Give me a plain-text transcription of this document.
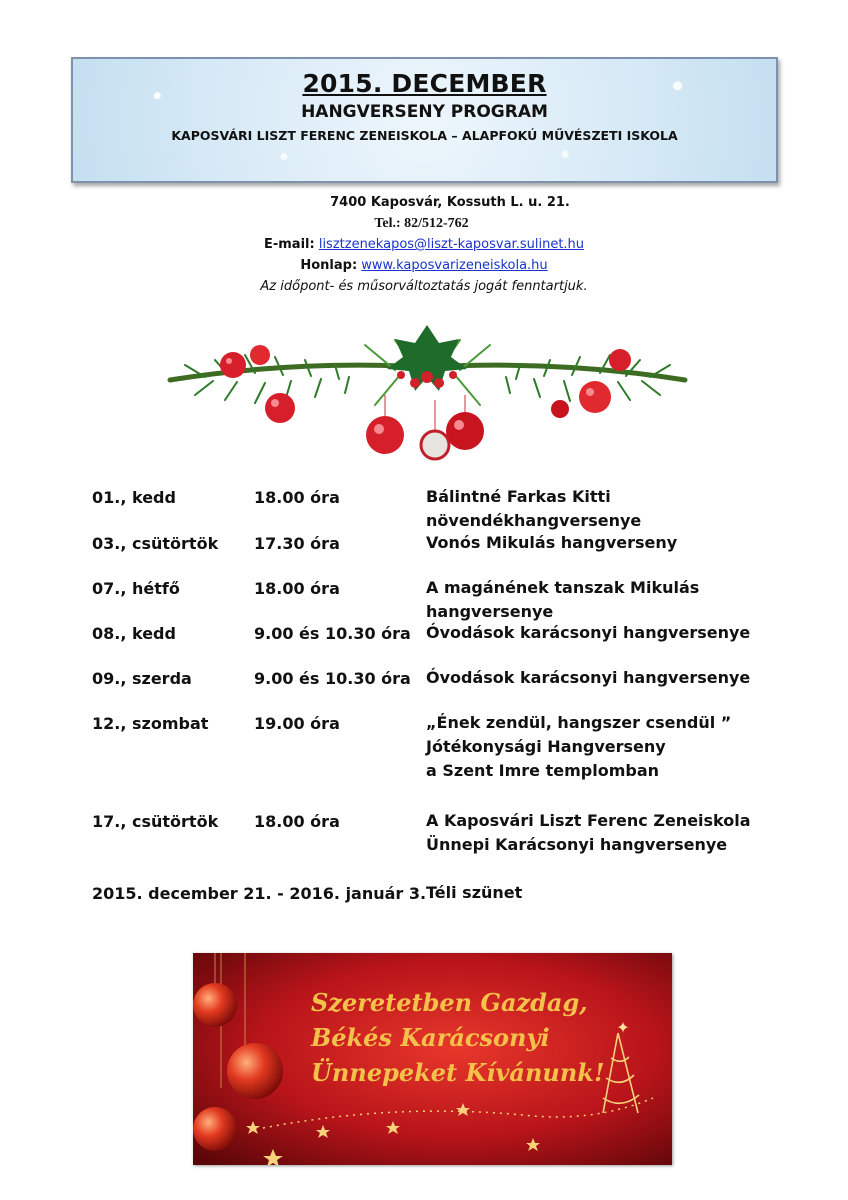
2015. DECEMBER
HANGVERSENY PROGRAM
KAPOSVÁRI LISZT FERENC ZENEISKOLA – ALAPFOKÚ MŰVÉSZETI ISKOLA
7400 Kaposvár, Kossuth L. u. 21.
Tel.: 82/512-762
E-mail: lisztzenekapos@liszt-kaposvar.sulinet.hu
Honlap: www.kaposvarizeneiskola.hu
Az időpont- és műsorváltoztatás jogát fenntartjuk.
01., kedd	18.00 óra	Bálintné Farkas Kitti növendékhangversenye
03., csütörtök 17.30 óra	Vonós Mikulás hangverseny
07., hétfő	18.00 óra	A magánének tanszak Mikulás hangversenye
08., kedd	9.00 és 10.30 óra Óvodások karácsonyi hangversenye
09., szerda	9.00 és 10.30 óra Óvodások karácsonyi hangversenye
12., szombat	19.00 óra	„Ének zendül, hangszer csendül ”
Jótékonysági Hangverseny
a Szent Imre templomban
17., csütörtök 18.00 óra	A Kaposvári Liszt Ferenc Zeneiskola
Ünnepi Karácsonyi hangversenye
2015. december 21. - 2016. január 3. Téli szünet
✦
Szeretetben Gazdag,
Békés Karácsonyi
Ünnepeket Kívánunk!
